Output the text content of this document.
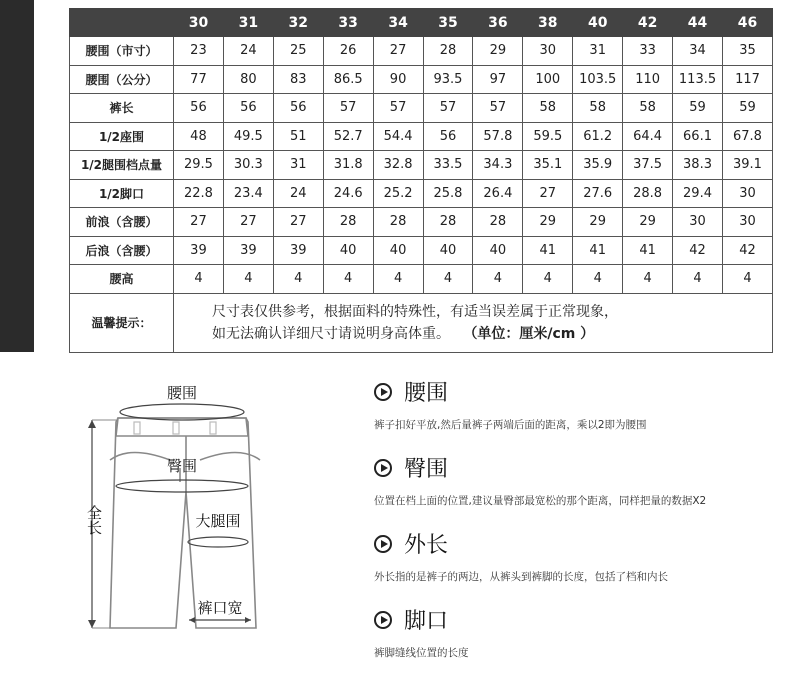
	30	31	32	33	34	35	36	38	40	42	44	46
腰围（市寸）	23	24	25	26	27	28	29	30	31	33	34	35
腰围（公分）	77	80	83	86.5	90	93.5	97	100	103.5	110	113.5	117
裤长	56	56	56	57	57	57	57	58	58	58	59	59
1/2座围	48	49.5	51	52.7	54.4	56	57.8	59.5	61.2	64.4	66.1	67.8
1/2腿围档点量	29.5	30.3	31	31.8	32.8	33.5	34.3	35.1	35.9	37.5	38.3	39.1
1/2脚口	22.8	23.4	24	24.6	25.2	25.8	26.4	27	27.6	28.8	29.4	30
前浪（含腰）	27	27	27	28	28	28	28	29	29	29	30	30
后浪（含腰）	39	39	39	40	40	40	40	41	41	41	42	42
腰高	4	4	4	4	4	4	4	4	4	4	4	4
温馨提示：	尺寸表仅供参考，根据面料的特殊性，有适当误差属于正常现象，
如无法确认详细尺寸请说明身高体重。 （单位：厘米/cm ）											
腰围
臀围
大腿围
裤口宽
全长
腰围
裤子扣好平放,然后量裤子两端后面的距离，乘以2即为腰围
臀围
位置在档上面的位置,建议量臀部最宽松的那个距离，同样把量的数据X2
外长
外长指的是裤子的两边，从裤头到裤脚的长度，包括了档和内长
脚口
裤脚缝线位置的长度
